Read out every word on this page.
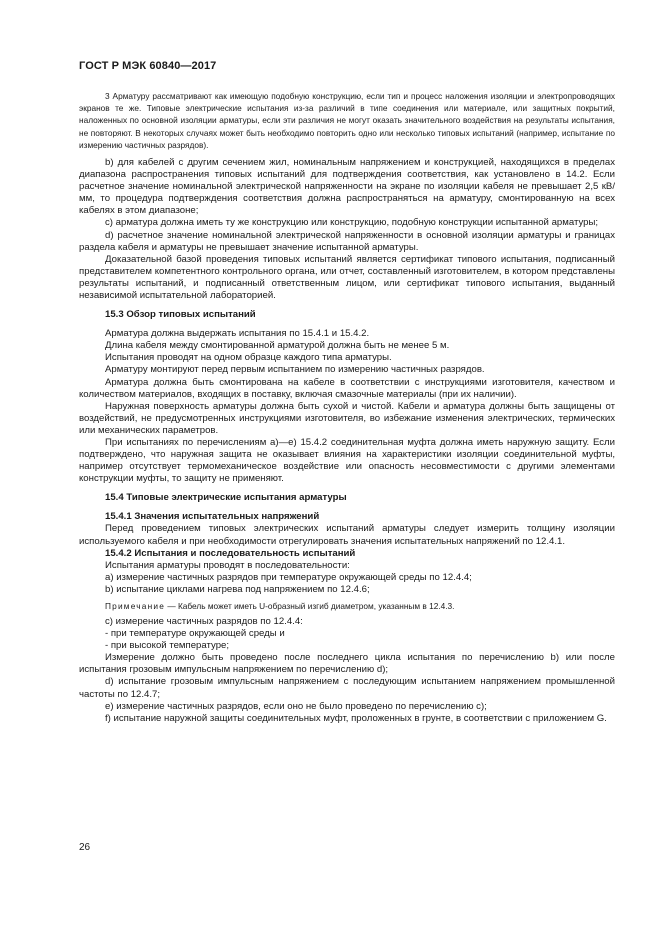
ГОСТ Р МЭК 60840—2017

3 Арматуру рассматривают как имеющую подобную конструкцию, если тип и процесс наложения изоляции и электропроводящих экранов те же. Типовые электрические испытания из-за различий в типе соединения или материале, или защитных покрытий, наложенных по основной изоляции арматуры, если эти различия не могут оказать значительного воздействия на результаты испытания, не повторяют. В некоторых случаях может быть необходимо повторить одно или несколько типовых испытаний (например, испытание по измерению частичных разрядов).

b) для кабелей с другим сечением жил, номинальным напряжением и конструкцией, находящихся в пределах диапазона распространения типовых испытаний для подтверждения соответствия, как установлено в 14.2. Если расчетное значение номинальной электрической напряженности на экране по изоляции кабеля не превышает 2,5 кВ/мм, то процедура подтверждения соответствия должна распространяться на арматуру, смонтированную на всех кабелях в этом диапазоне;

c) арматура должна иметь ту же конструкцию или конструкцию, подобную конструкции испытанной арматуры;

d) расчетное значение номинальной электрической напряженности в основной изоляции арматуры и границах раздела кабеля и арматуры не превышает значение испытанной арматуры.

Доказательной базой проведения типовых испытаний является сертификат типового испытания, подписанный представителем компетентного контрольного органа, или отчет, составленный изготовителем, в котором представлены результаты испытаний, и подписанный ответственным лицом, или сертификат типового испытания, выданный независимой испытательной лабораторией.

15.3 Обзор типовых испытаний

Арматура должна выдержать испытания по 15.4.1 и 15.4.2.

Длина кабеля между смонтированной арматурой должна быть не менее 5 м.

Испытания проводят на одном образце каждого типа арматуры.

Арматуру монтируют перед первым испытанием по измерению частичных разрядов.

Арматура должна быть смонтирована на кабеле в соответствии с инструкциями изготовителя, качеством и количеством материалов, входящих в поставку, включая смазочные материалы (при их наличии).

Наружная поверхность арматуры должна быть сухой и чистой. Кабели и арматура должны быть защищены от воздействий, не предусмотренных инструкциями изготовителя, во избежание изменения электрических, термических или механических параметров.

При испытаниях по перечислениям а)—е) 15.4.2 соединительная муфта должна иметь наружную защиту. Если подтверждено, что наружная защита не оказывает влияния на характеристики изоляции соединительной муфты, например отсутствует термомеханическое воздействие или опасность несовместимости с другими элементами конструкции муфты, то защиту не применяют.

15.4 Типовые электрические испытания арматуры

15.4.1 Значения испытательных напряжений

Перед проведением типовых электрических испытаний арматуры следует измерить толщину изоляции используемого кабеля и при необходимости отрегулировать значения испытательных напряжений по 12.4.1.

15.4.2 Испытания и последовательность испытаний

Испытания арматуры проводят в последовательности:

а) измерение частичных разрядов при температуре окружающей среды по 12.4.4;

b) испытание циклами нагрева под напряжением по 12.4.6;

Примечание — Кабель может иметь U-образный изгиб диаметром, указанным в 12.4.3.

c) измерение частичных разрядов по 12.4.4:

- при температуре окружающей среды и

- при высокой температуре;

Измерение должно быть проведено после последнего цикла испытания по перечислению b) или после испытания грозовым импульсным напряжением по перечислению d);

d) испытание грозовым импульсным напряжением с последующим испытанием напряжением промышленной частоты по 12.4.7;

e) измерение частичных разрядов, если оно не было проведено по перечислению c);

f) испытание наружной защиты соединительных муфт, проложенных в грунте, в соответствии с приложением G.

26
